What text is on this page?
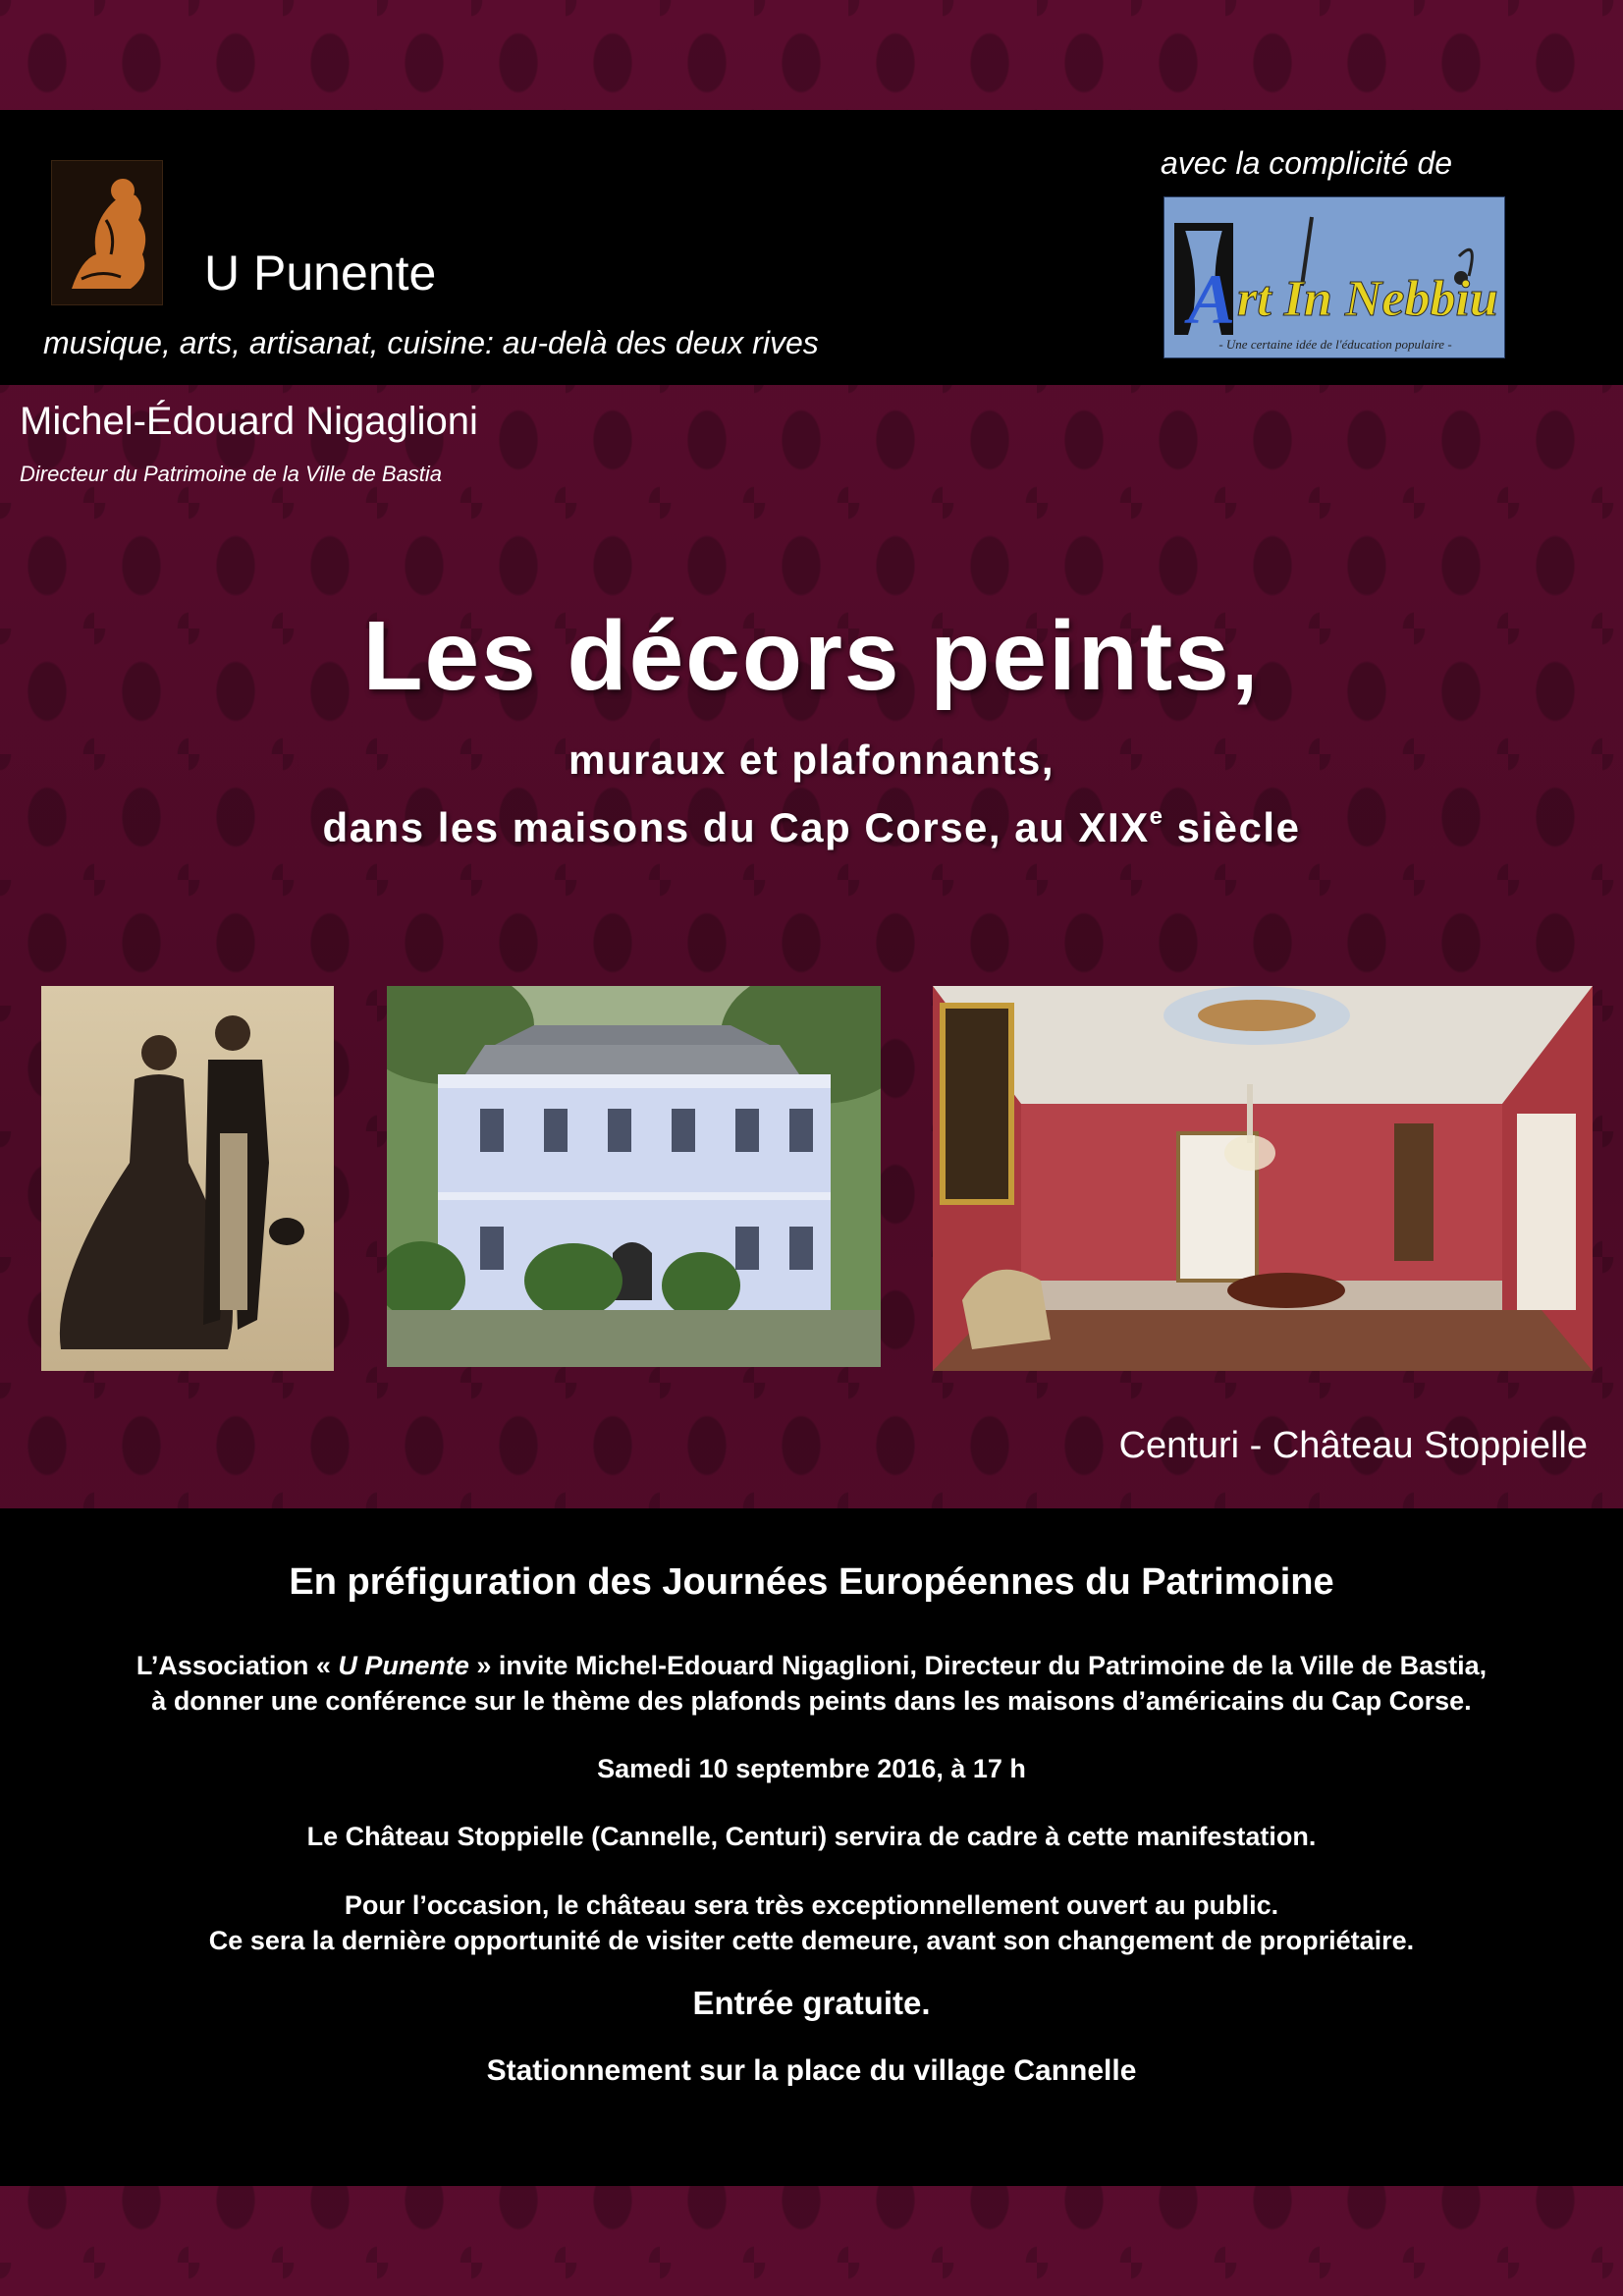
U Punente
musique, arts, artisanat, cuisine: au-delà des deux rives
avec la complicité de
A rt In Nebbiu
- Une certaine idée de l'éducation populaire -
Michel-Édouard Nigaglioni
Directeur du Patrimoine de la Ville de Bastia
Les décors peints,
muraux et plafonnants,
dans les maisons du Cap Corse, au XIXe siècle
Centuri - Château Stoppielle
En préfiguration des Journées Européennes du Patrimoine
L’Association « U Punente » invite Michel-Edouard Nigaglioni, Directeur du Patrimoine de la Ville de Bastia,
à donner une conférence sur le thème des plafonds peints dans les maisons d’américains du Cap Corse.
Samedi 10 septembre 2016, à 17 h
Le Château Stoppielle (Cannelle, Centuri) servira de cadre à cette manifestation.
Pour l’occasion, le château sera très exceptionnellement ouvert au public.
Ce sera la dernière opportunité de visiter cette demeure, avant son changement de propriétaire.
Entrée gratuite.
Stationnement sur la place du village Cannelle
